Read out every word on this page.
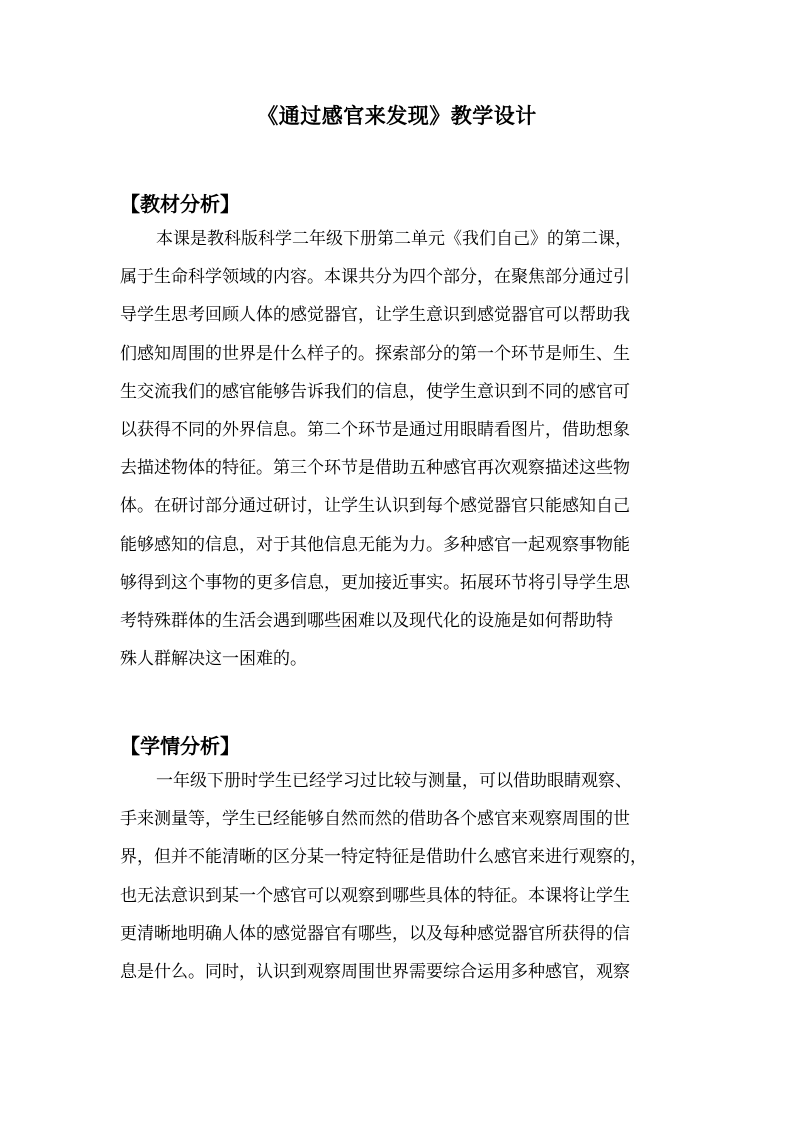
《通过感官来发现》教学设计
【教材分析】
本课是教科版科学二年级下册第二单元《我们自己》的第二课，
属于生命科学领域的内容。本课共分为四个部分，在聚焦部分通过引
导学生思考回顾人体的感觉器官，让学生意识到感觉器官可以帮助我
们感知周围的世界是什么样子的。探索部分的第一个环节是师生、生
生交流我们的感官能够告诉我们的信息，使学生意识到不同的感官可
以获得不同的外界信息。第二个环节是通过用眼睛看图片，借助想象
去描述物体的特征。第三个环节是借助五种感官再次观察描述这些物
体。在研讨部分通过研讨，让学生认识到每个感觉器官只能感知自己
能够感知的信息，对于其他信息无能为力。多种感官一起观察事物能
够得到这个事物的更多信息，更加接近事实。拓展环节将引导学生思
考特殊群体的生活会遇到哪些困难以及现代化的设施是如何帮助特
殊人群解决这一困难的。
【学情分析】
一年级下册时学生已经学习过比较与测量，可以借助眼睛观察、
手来测量等，学生已经能够自然而然的借助各个感官来观察周围的世
界，但并不能清晰的区分某一特定特征是借助什么感官来进行观察的，
也无法意识到某一个感官可以观察到哪些具体的特征。本课将让学生
更清晰地明确人体的感觉器官有哪些，以及每种感觉器官所获得的信
息是什么。同时，认识到观察周围世界需要综合运用多种感官，观察
